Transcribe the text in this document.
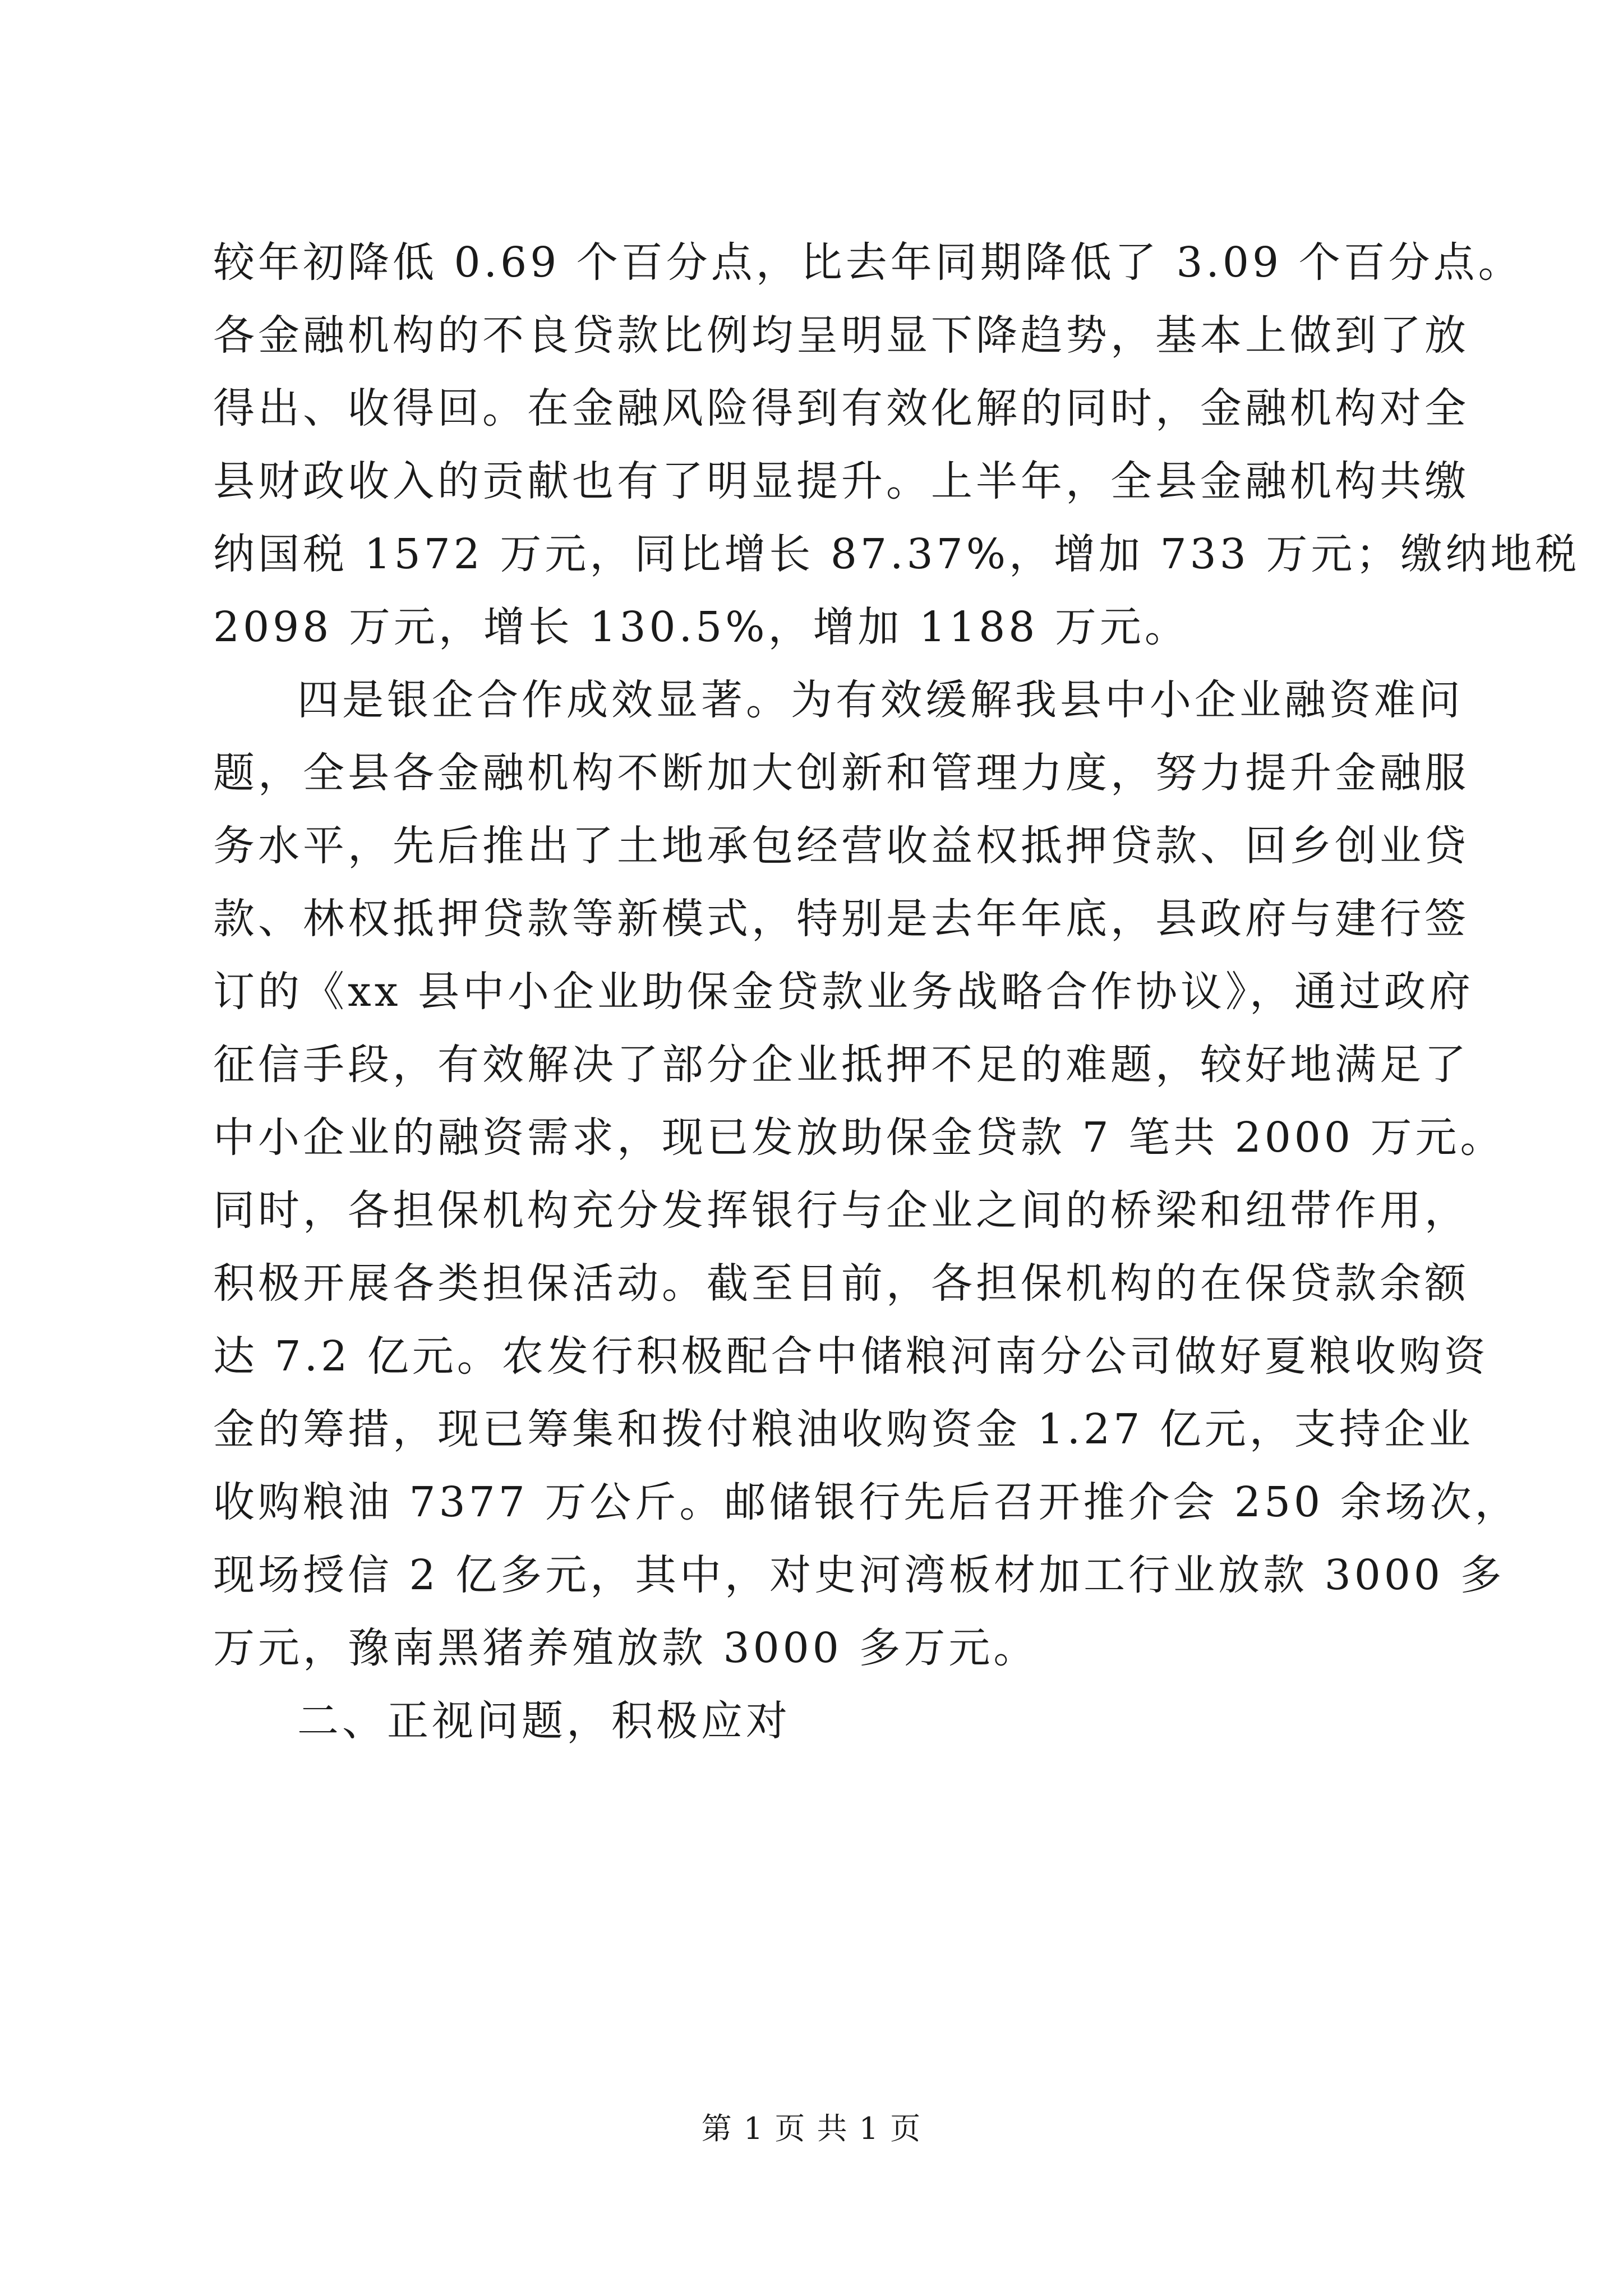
较年初降低 0.69 个百分点，比去年同期降低了 3.09 个百分点。
各金融机构的不良贷款比例均呈明显下降趋势，基本上做到了放
得出、收得回。在金融风险得到有效化解的同时，金融机构对全
县财政收入的贡献也有了明显提升。上半年，全县金融机构共缴
纳国税 1572 万元，同比增长 87.37%，增加 733 万元；缴纳地税
2098 万元，增长 130.5%，增加 1188 万元。
四是银企合作成效显著。为有效缓解我县中小企业融资难问
题，全县各金融机构不断加大创新和管理力度，努力提升金融服
务水平，先后推出了土地承包经营收益权抵押贷款、回乡创业贷
款、林权抵押贷款等新模式，特别是去年年底，县政府与建行签
订的《xx 县中小企业助保金贷款业务战略合作协议》，通过政府
征信手段，有效解决了部分企业抵押不足的难题，较好地满足了
中小企业的融资需求，现已发放助保金贷款 7 笔共 2000 万元。
同时，各担保机构充分发挥银行与企业之间的桥梁和纽带作用，
积极开展各类担保活动。截至目前，各担保机构的在保贷款余额
达 7.2 亿元。农发行积极配合中储粮河南分公司做好夏粮收购资
金的筹措，现已筹集和拨付粮油收购资金 1.27 亿元，支持企业
收购粮油 7377 万公斤。邮储银行先后召开推介会 250 余场次，
现场授信 2 亿多元，其中，对史河湾板材加工行业放款 3000 多
万元，豫南黑猪养殖放款 3000 多万元。
二、正视问题，积极应对
第 1 页 共 1 页
